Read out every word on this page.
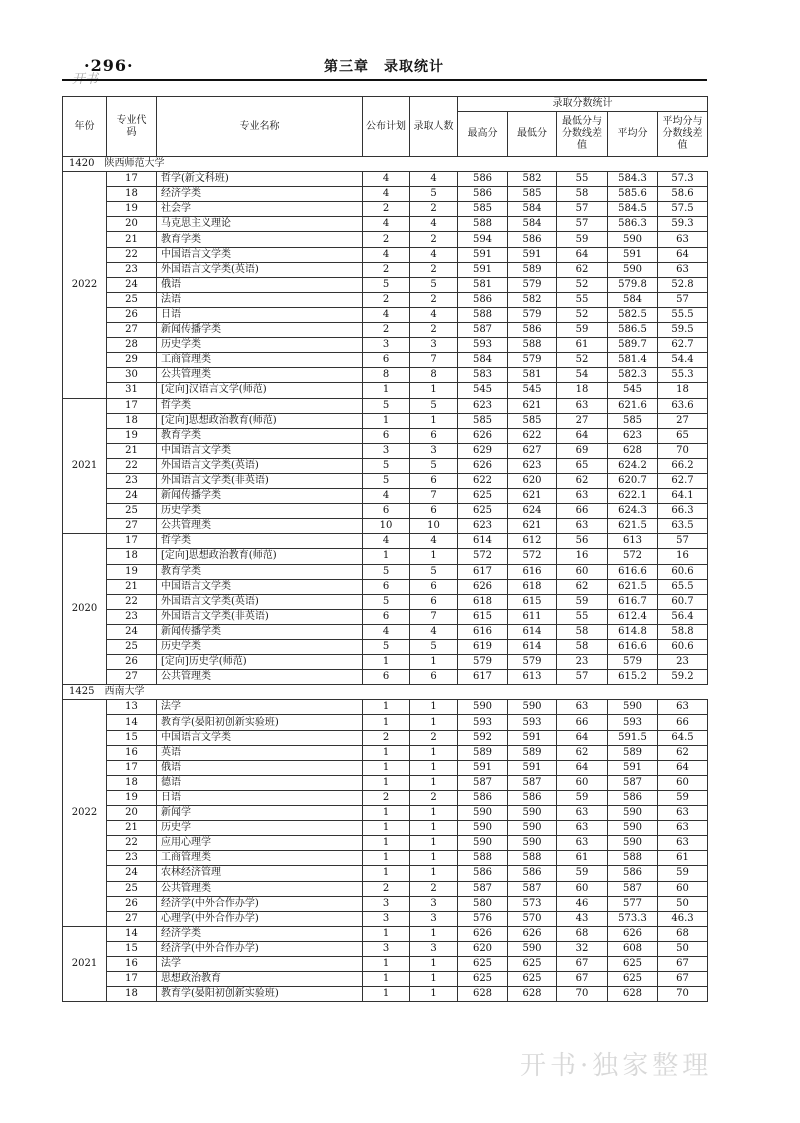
开书
·296·	第三章　录取统计
年份	专业代码	专业名称	公布计划	录取人数	录取分数统计				
					最高分	最低分	最低分与分数线差值	平均分	平均分与分数线差值
1420　陕西师范大学									
2022	17	哲学(新文科班)	4	4	586	582	55	584.3	57.3
	18	经济学类	4	5	586	585	58	585.6	58.6
	19	社会学	2	2	585	584	57	584.5	57.5
	20	马克思主义理论	4	4	588	584	57	586.3	59.3
	21	教育学类	2	2	594	586	59	590	63
	22	中国语言文学类	4	4	591	591	64	591	64
	23	外国语言文学类(英语)	2	2	591	589	62	590	63
	24	俄语	5	5	581	579	52	579.8	52.8
	25	法语	2	2	586	582	55	584	57
	26	日语	4	4	588	579	52	582.5	55.5
	27	新闻传播学类	2	2	587	586	59	586.5	59.5
	28	历史学类	3	3	593	588	61	589.7	62.7
	29	工商管理类	6	7	584	579	52	581.4	54.4
	30	公共管理类	8	8	583	581	54	582.3	55.3
	31	[定向]汉语言文学(师范)	1	1	545	545	18	545	18
2021	17	哲学类	5	5	623	621	63	621.6	63.6
	18	[定向]思想政治教育(师范)	1	1	585	585	27	585	27
	19	教育学类	6	6	626	622	64	623	65
	21	中国语言文学类	3	3	629	627	69	628	70
	22	外国语言文学类(英语)	5	5	626	623	65	624.2	66.2
	23	外国语言文学类(非英语)	5	6	622	620	62	620.7	62.7
	24	新闻传播学类	4	7	625	621	63	622.1	64.1
	25	历史学类	6	6	625	624	66	624.3	66.3
	27	公共管理类	10	10	623	621	63	621.5	63.5
2020	17	哲学类	4	4	614	612	56	613	57
	18	[定向]思想政治教育(师范)	1	1	572	572	16	572	16
	19	教育学类	5	5	617	616	60	616.6	60.6
	21	中国语言文学类	6	6	626	618	62	621.5	65.5
	22	外国语言文学类(英语)	5	6	618	615	59	616.7	60.7
	23	外国语言文学类(非英语)	6	7	615	611	55	612.4	56.4
	24	新闻传播学类	4	4	616	614	58	614.8	58.8
	25	历史学类	5	5	619	614	58	616.6	60.6
	26	[定向]历史学(师范)	1	1	579	579	23	579	23
	27	公共管理类	6	6	617	613	57	615.2	59.2
1425　西南大学									
2022	13	法学	1	1	590	590	63	590	63
	14	教育学(晏阳初创新实验班)	1	1	593	593	66	593	66
	15	中国语言文学类	2	2	592	591	64	591.5	64.5
	16	英语	1	1	589	589	62	589	62
	17	俄语	1	1	591	591	64	591	64
	18	德语	1	1	587	587	60	587	60
	19	日语	2	2	586	586	59	586	59
	20	新闻学	1	1	590	590	63	590	63
	21	历史学	1	1	590	590	63	590	63
	22	应用心理学	1	1	590	590	63	590	63
	23	工商管理类	1	1	588	588	61	588	61
	24	农林经济管理	1	1	586	586	59	586	59
	25	公共管理类	2	2	587	587	60	587	60
	26	经济学(中外合作办学)	3	3	580	573	46	577	50
	27	心理学(中外合作办学)	3	3	576	570	43	573.3	46.3
2021	14	经济学类	1	1	626	626	68	626	68
	15	经济学(中外合作办学)	3	3	620	590	32	608	50
	16	法学	1	1	625	625	67	625	67
	17	思想政治教育	1	1	625	625	67	625	67
	18	教育学(晏阳初创新实验班)	1	1	628	628	70	628	70
开书·独家整理
